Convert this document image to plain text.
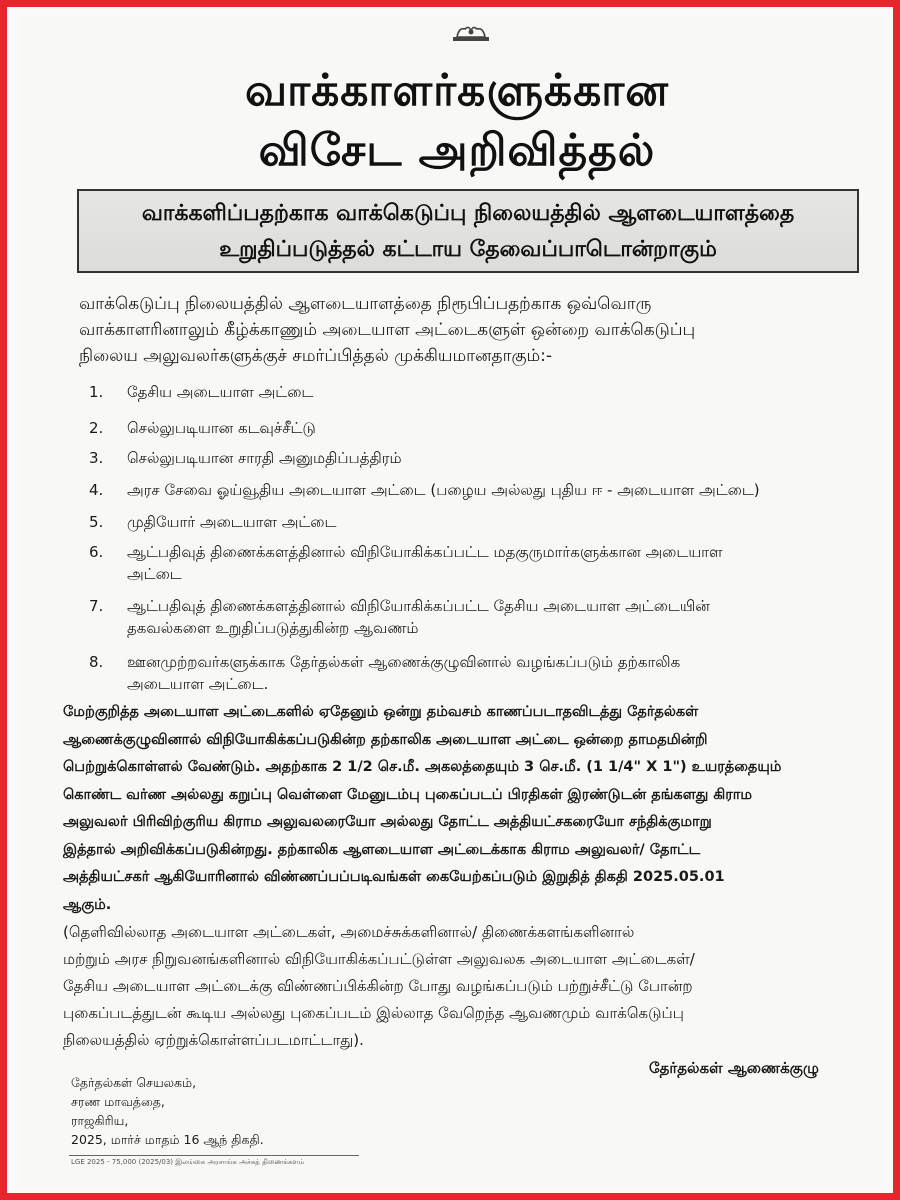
வாக்காளர்களுக்கான
விசேட அறிவித்தல்
வாக்களிப்பதற்காக வாக்கெடுப்பு நிலையத்தில் ஆளடையாளத்தை
உறுதிப்படுத்தல் கட்டாய தேவைப்பாடொன்றாகும்
வாக்கெடுப்பு நிலையத்தில் ஆளடையாளத்தை நிரூபிப்பதற்காக ஒவ்வொரு
வாக்காளரினாலும் கீழ்க்காணும் அடையாள அட்டைகளுள் ஒன்றை வாக்கெடுப்பு
நிலைய அலுவலர்களுக்குச் சமர்ப்பித்தல் முக்கியமானதாகும்:-
1.	தேசிய அடையாள அட்டை
2.	செல்லுபடியான கடவுச்சீட்டு
3.	செல்லுபடியான சாரதி அனுமதிப்பத்திரம்
4.	அரச சேவை ஓய்வூதிய அடையாள அட்டை (பழைய அல்லது புதிய ஈ - அடையாள அட்டை)
5.	முதியோர் அடையாள அட்டை
6.	ஆட்பதிவுத் திணைக்களத்தினால் விநியோகிக்கப்பட்ட மதகுருமார்களுக்கான அடையாள
அட்டை
7.	ஆட்பதிவுத் திணைக்களத்தினால் விநியோகிக்கப்பட்ட தேசிய அடையாள அட்டையின்
தகவல்களை உறுதிப்படுத்துகின்ற ஆவணம்
8.	ஊனமுற்றவர்களுக்காக தேர்தல்கள் ஆணைக்குழுவினால் வழங்கப்படும் தற்காலிக
அடையாள அட்டை.
மேற்குறித்த அடையாள அட்டைகளில் ஏதேனும் ஒன்று தம்வசம் காணப்படாதவிடத்து தேர்தல்கள்
ஆணைக்குழுவினால் விநியோகிக்கப்படுகின்ற தற்காலிக அடையாள அட்டை ஒன்றை தாமதமின்றி
பெற்றுக்கொள்ளல் வேண்டும். அதற்காக 2 1/2 செ.மீ. அகலத்தையும் 3 செ.மீ. (1 1/4" X 1") உயரத்தையும்
கொண்ட வர்ண அல்லது கறுப்பு வெள்ளை மேனுடம்பு புகைப்படப் பிரதிகள் இரண்டுடன் தங்களது கிராம
அலுவலர் பிரிவிற்குரிய கிராம அலுவலரையோ அல்லது தோட்ட அத்தியட்சகரையோ சந்திக்குமாறு
இத்தால் அறிவிக்கப்படுகின்றது. தற்காலிக ஆளடையாள அட்டைக்காக கிராம அலுவலர்/ தோட்ட
அத்தியட்சகர் ஆகியோரினால் விண்ணப்பப்படிவங்கள் கையேற்கப்படும் இறுதித் திகதி 2025.05.01
ஆகும்.
(தெளிவில்லாத அடையாள அட்டைகள், அமைச்சுக்களினால்/ திணைக்களங்களினால்
மற்றும் அரச நிறுவனங்களினால் விநியோகிக்கப்பட்டுள்ள அலுவலக அடையாள அட்டைகள்/
தேசிய அடையாள அட்டைக்கு விண்ணப்பிக்கின்ற போது வழங்கப்படும் பற்றுச்சீட்டு போன்ற
புகைப்படத்துடன் கூடிய அல்லது புகைப்படம் இல்லாத வேறெந்த ஆவணமும் வாக்கெடுப்பு
நிலையத்தில் ஏற்றுக்கொள்ளப்படமாட்டாது).
தேர்தல்கள் ஆணைக்குழு
தேர்தல்கள் செயலகம்,
சரண மாவத்தை,
ராஜகிரிய,
2025, மார்ச் மாதம் 16 ஆந் திகதி.
LGE 2025 - 75,000 (2025/03) இலங்கை அரசாங்க அச்சுத் திணைக்களம்
